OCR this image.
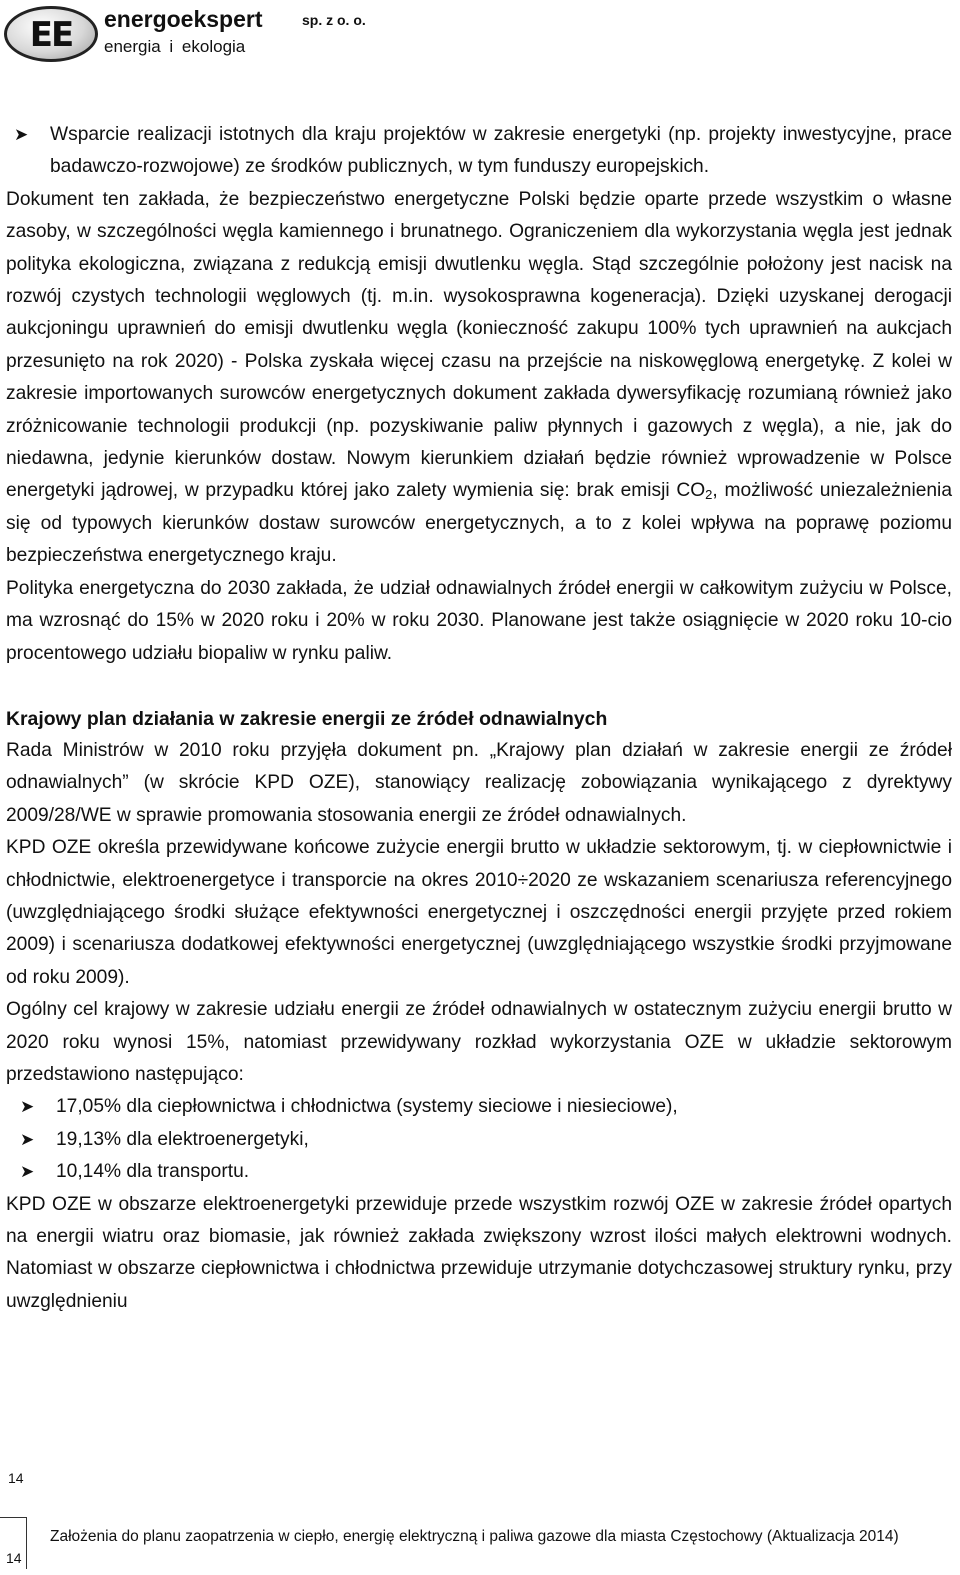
EE	energoekspert	sp. z o. o.
energia i ekologia
➤	Wsparcie realizacji istotnych dla kraju projektów w zakresie energetyki (np. projekty inwestycyjne, prace badawczo-rozwojowe) ze środków publicznych, w tym funduszy europejskich.

Dokument ten zakłada, że bezpieczeństwo energetyczne Polski będzie oparte przede wszystkim o własne zasoby, w szczególności węgla kamiennego i brunatnego. Ograniczeniem dla wykorzystania węgla jest jednak polityka ekologiczna, związana z redukcją emisji dwutlenku węgla. Stąd szczególnie położony jest nacisk na rozwój czystych technologii węglowych (tj. m.in. wysokosprawna kogeneracja). Dzięki uzyskanej derogacji aukcjoningu uprawnień do emisji dwutlenku węgla (konieczność zakupu 100% tych uprawnień na aukcjach przesunięto na rok 2020) - Polska zyskała więcej czasu na przejście na niskowęglową energetykę. Z kolei w zakresie importowanych surowców energetycznych dokument zakłada dywersyfikację rozumianą również jako zróżnicowanie technologii produkcji (np. pozyskiwanie paliw płynnych i gazowych z węgla), a nie, jak do niedawna, jedynie kierunków dostaw. Nowym kierunkiem działań będzie również wprowadzenie w Polsce energetyki jądrowej, w przypadku której jako zalety wymienia się: brak emisji $CO_2$, możliwość uniezależnienia się od typowych kierunków dostaw surowców energetycznych, a to z kolei wpływa na poprawę poziomu bezpieczeństwa energetycznego kraju.

Polityka energetyczna do 2030 zakłada, że udział odnawialnych źródeł energii w całkowitym zużyciu w Polsce, ma wzrosnąć do 15% w 2020 roku i 20% w roku 2030. Planowane jest także osiągnięcie w 2020 roku 10-cio procentowego udziału biopaliw w rynku paliw.

Krajowy plan działania w zakresie energii ze źródeł odnawialnych

Rada Ministrów w 2010 roku przyjęła dokument pn. „Krajowy plan działań w zakresie energii ze źródeł odnawialnych” (w skrócie KPD OZE), stanowiący realizację zobowiązania wynikającego z dyrektywy 2009/28/WE w sprawie promowania stosowania energii ze źródeł odnawialnych.

KPD OZE określa przewidywane końcowe zużycie energii brutto w układzie sektorowym, tj. w ciepłownictwie i chłodnictwie, elektroenergetyce i transporcie na okres 2010÷2020 ze wskazaniem scenariusza referencyjnego (uwzględniającego środki służące efektywności energetycznej i oszczędności energii przyjęte przed rokiem 2009) i scenariusza dodatkowej efektywności energetycznej (uwzględniającego wszystkie środki przyjmowane od roku 2009).

Ogólny cel krajowy w zakresie udziału energii ze źródeł odnawialnych w ostatecznym zużyciu energii brutto w 2020 roku wynosi 15%, natomiast przewidywany rozkład wykorzystania OZE w układzie sektorowym przedstawiono następująco:

➤	17,05% dla ciepłownictwa i chłodnictwa (systemy sieciowe i niesieciowe),
➤	19,13% dla elektroenergetyki,
➤	10,14% dla transportu.

KPD OZE w obszarze elektroenergetyki przewiduje przede wszystkim rozwój OZE w zakresie źródeł opartych na energii wiatru oraz biomasie, jak również zakłada zwiększony wzrost ilości małych elektrowni wodnych. Natomiast w obszarze ciepłownictwa i chłodnictwa przewiduje utrzymanie dotychczasowej struktury rynku, przy uwzględnieniu

14
14
Założenia do planu zaopatrzenia w ciepło, energię elektryczną i paliwa gazowe dla miasta Częstochowy (Aktualizacja 2014)
